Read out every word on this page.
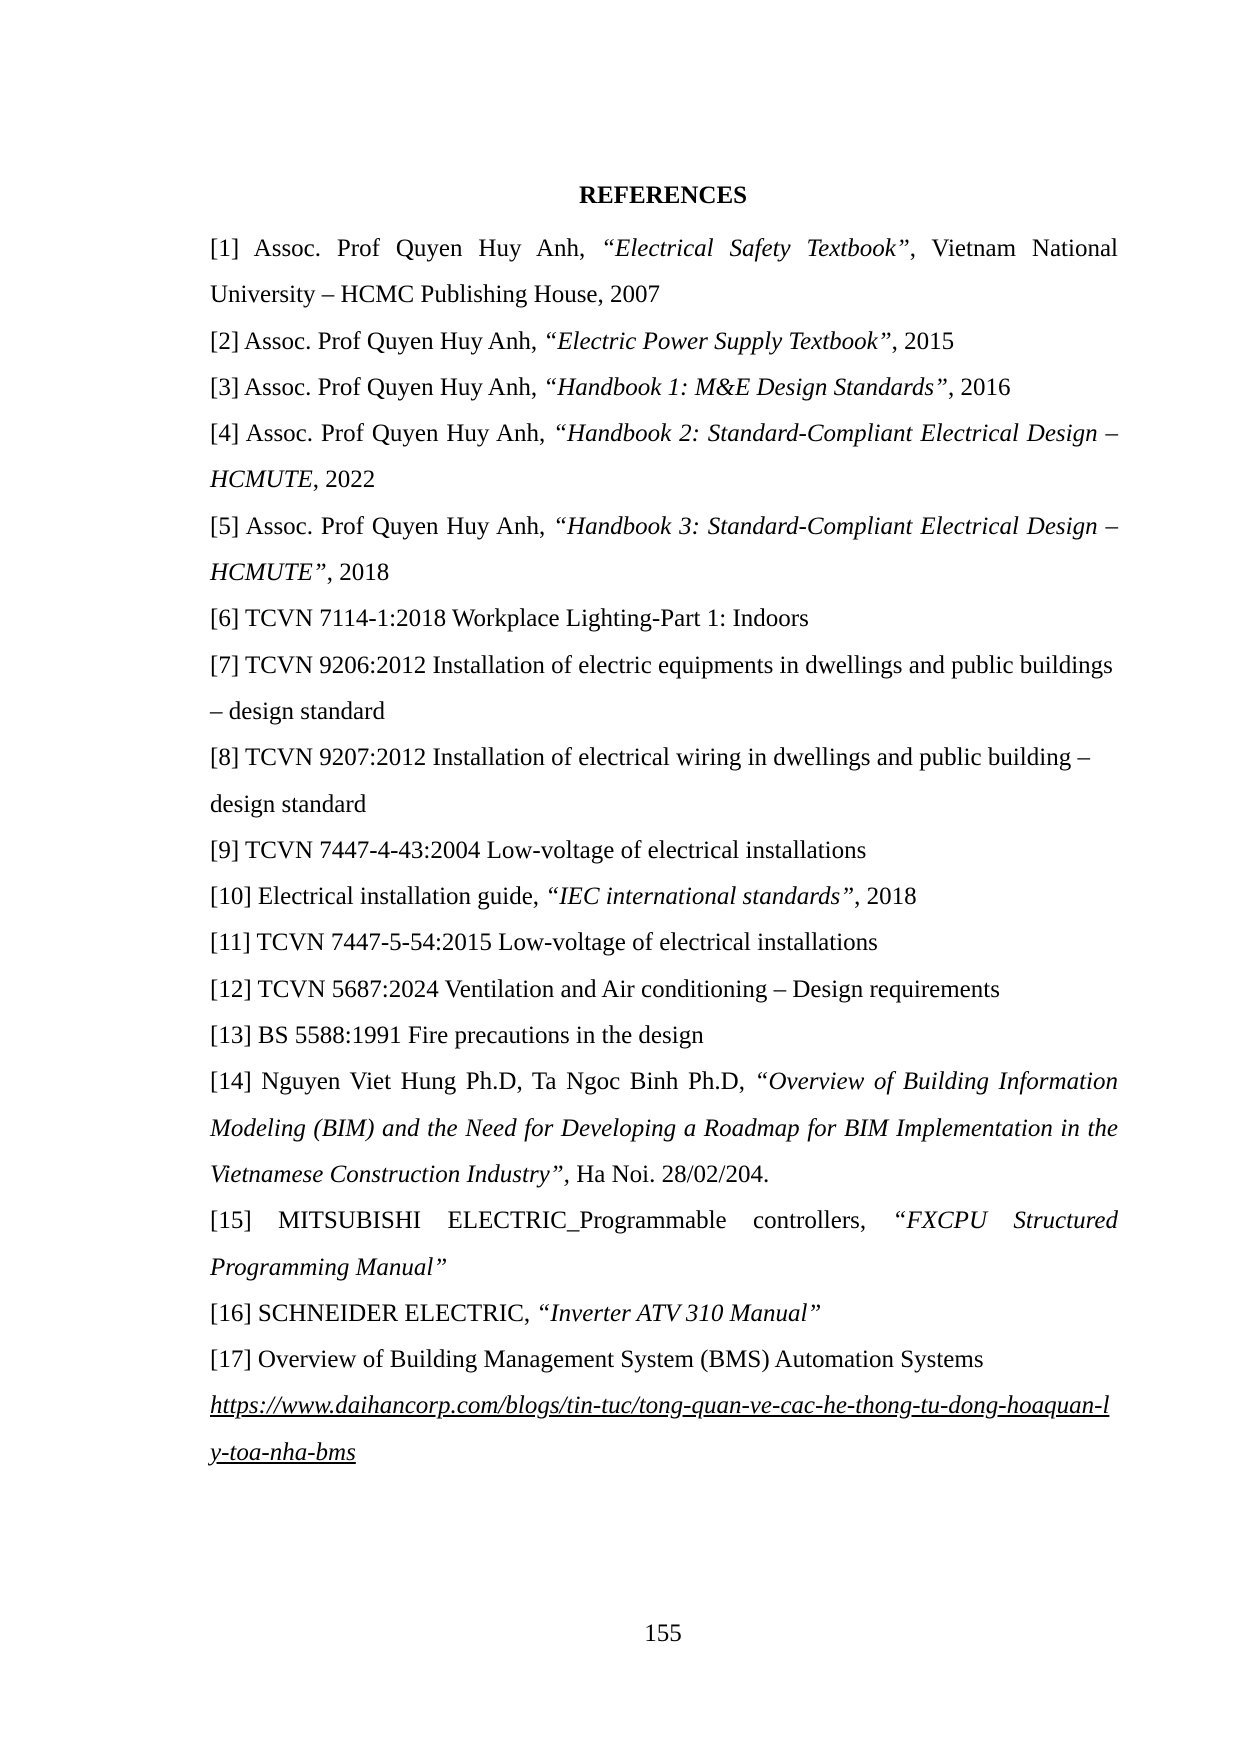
REFERENCES

[1] Assoc. Prof Quyen Huy Anh, “Electrical Safety Textbook”, Vietnam National University – HCMC Publishing House, 2007

[2] Assoc. Prof Quyen Huy Anh, “Electric Power Supply Textbook”, 2015

[3] Assoc. Prof Quyen Huy Anh, “Handbook 1: M&E Design Standards”, 2016

[4] Assoc. Prof Quyen Huy Anh, “Handbook 2: Standard-Compliant Electrical Design – HCMUTE, 2022

[5] Assoc. Prof Quyen Huy Anh, “Handbook 3: Standard-Compliant Electrical Design – HCMUTE”, 2018

[6] TCVN 7114-1:2018 Workplace Lighting-Part 1: Indoors

[7] TCVN 9206:2012 Installation of electric equipments in dwellings and public buildings – design standard

[8] TCVN 9207:2012 Installation of electrical wiring in dwellings and public building – design standard

[9] TCVN 7447-4-43:2004 Low-voltage of electrical installations

[10] Electrical installation guide, “IEC international standards”, 2018

[11] TCVN 7447-5-54:2015 Low-voltage of electrical installations

[12] TCVN 5687:2024 Ventilation and Air conditioning – Design requirements

[13] BS 5588:1991 Fire precautions in the design

[14] Nguyen Viet Hung Ph.D, Ta Ngoc Binh Ph.D, “Overview of Building Information Modeling (BIM) and the Need for Developing a Roadmap for BIM Implementation in the Vietnamese Construction Industry”, Ha Noi. 28/02/204.

[15] MITSUBISHI ELECTRIC_Programmable controllers, “FXCPU Structured Programming Manual”

[16] SCHNEIDER ELECTRIC, “Inverter ATV 310 Manual”

[17] Overview of Building Management System (BMS) Automation Systems

https://www.daihancorp.com/blogs/tin-tuc/tong-quan-ve-cac-he-thong-tu-dong-hoaquan-ly-toa-nha-bms

155
